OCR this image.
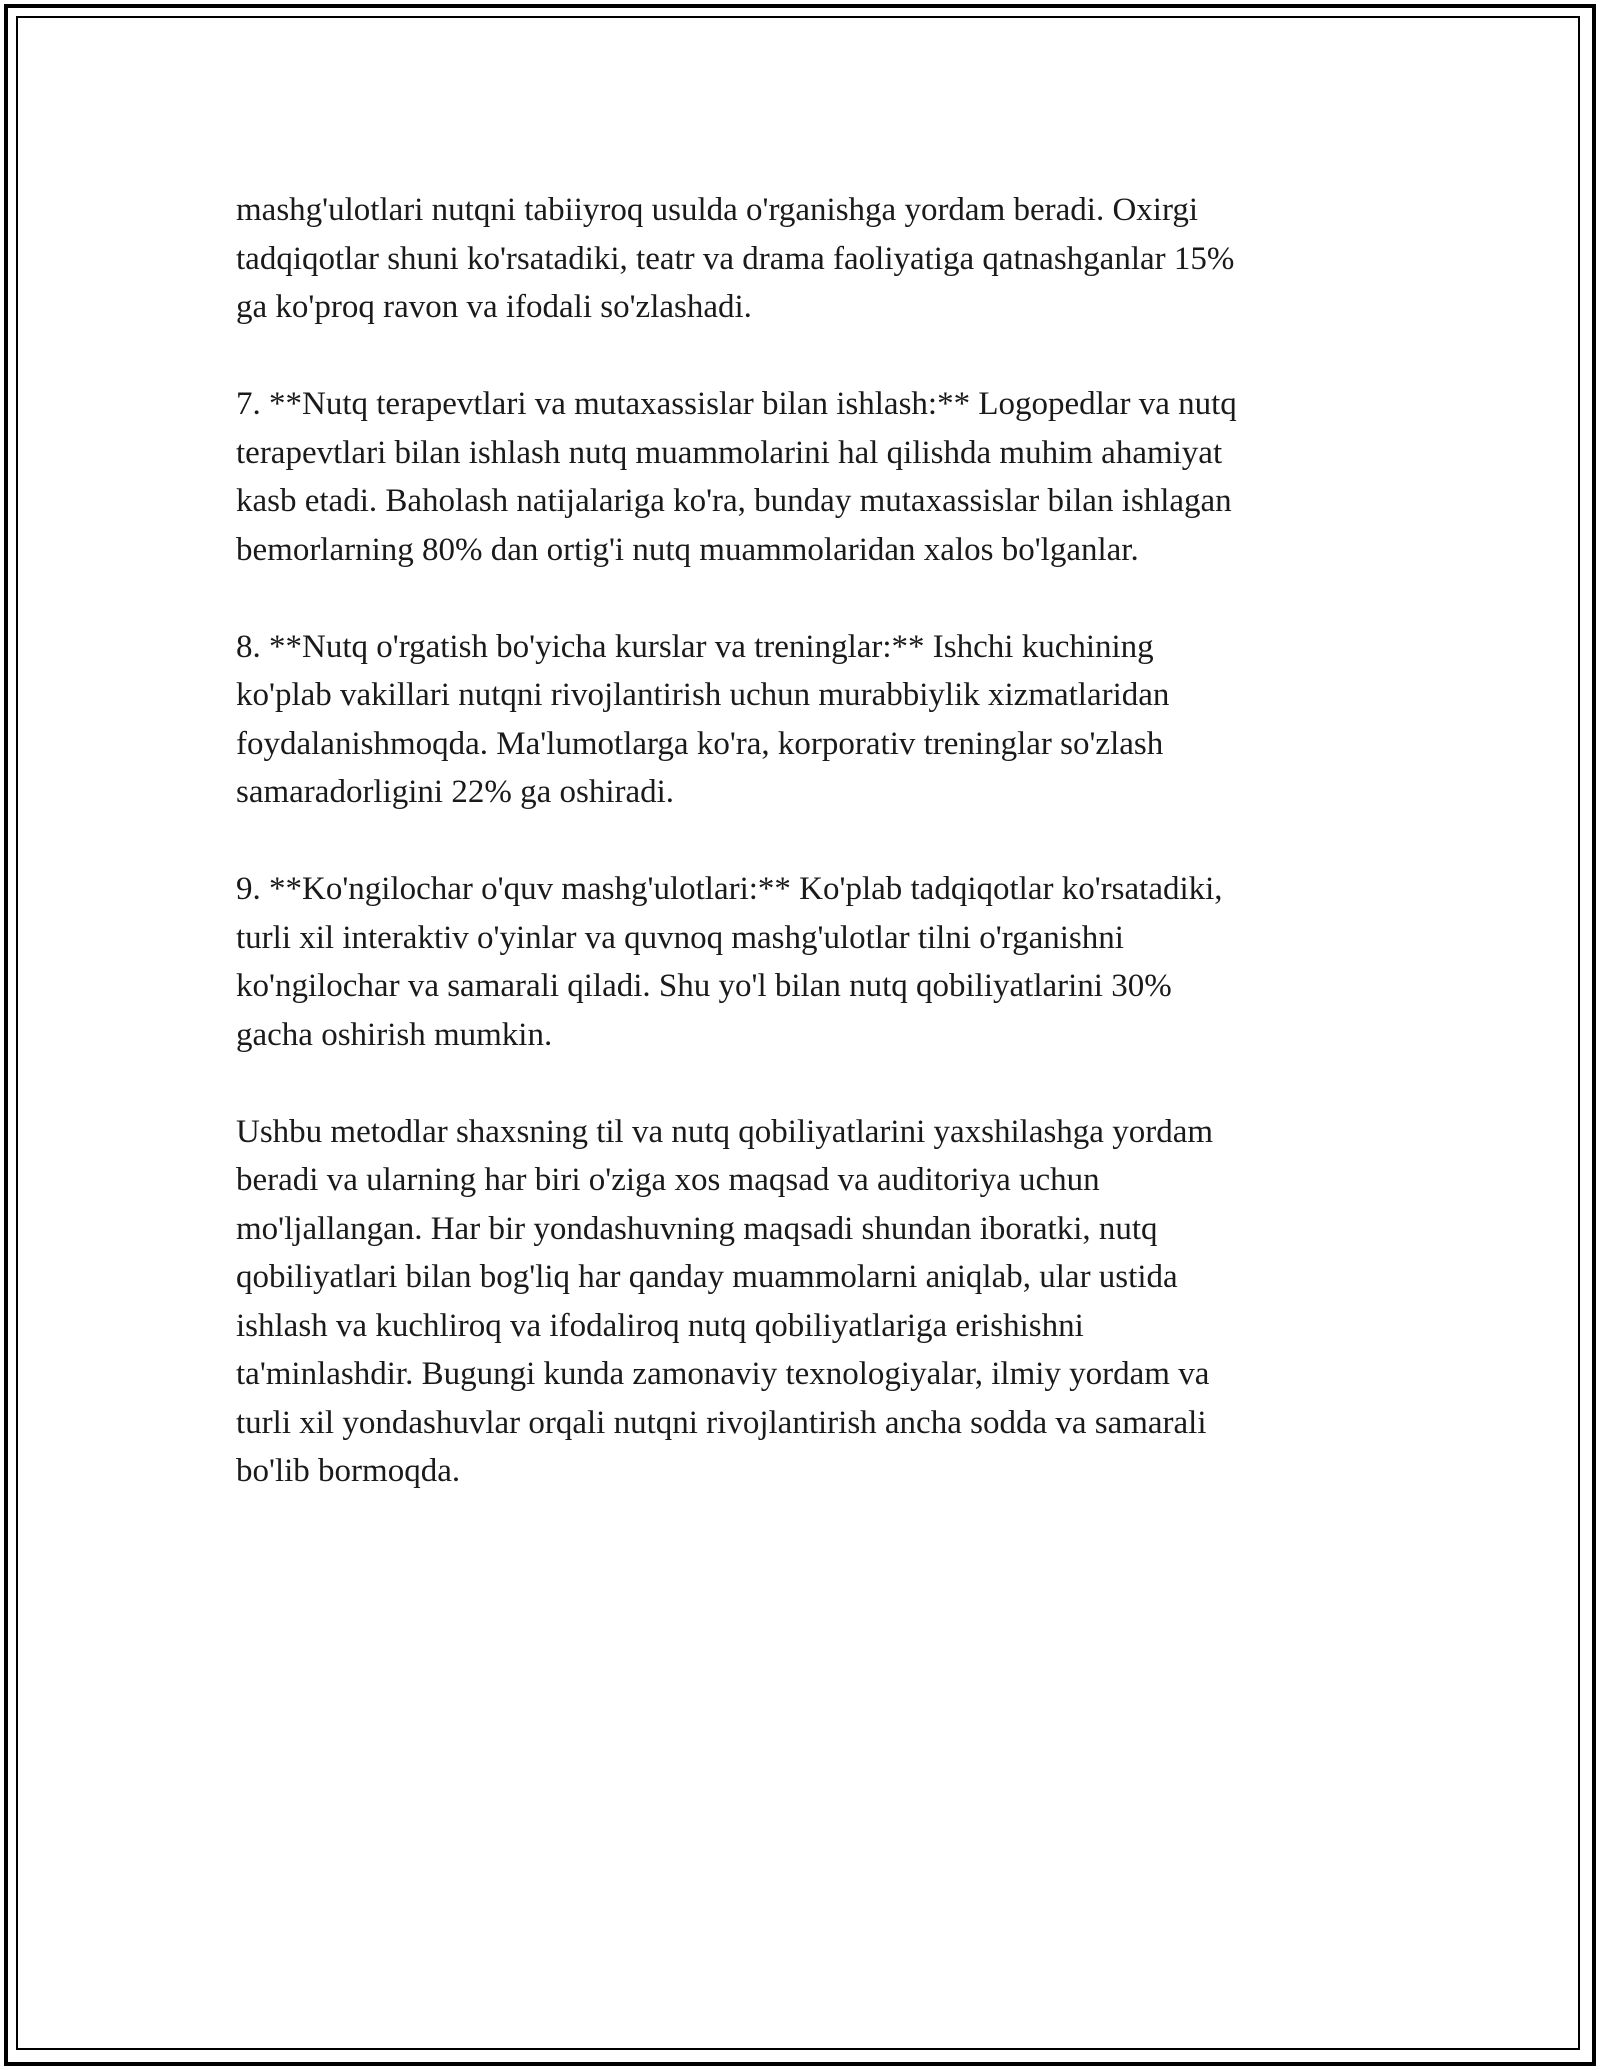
mashg'ulotlari nutqni tabiiyroq usulda o'rganishga yordam beradi. Oxirgi
tadqiqotlar shuni ko'rsatadiki, teatr va drama faoliyatiga qatnashganlar 15%
ga ko'proq ravon va ifodali so'zlashadi.

7. **Nutq terapevtlari va mutaxassislar bilan ishlash:** Logopedlar va nutq
terapevtlari bilan ishlash nutq muammolarini hal qilishda muhim ahamiyat
kasb etadi. Baholash natijalariga ko'ra, bunday mutaxassislar bilan ishlagan
bemorlarning 80% dan ortig'i nutq muammolaridan xalos bo'lganlar.

8. **Nutq o'rgatish bo'yicha kurslar va treninglar:** Ishchi kuchining
ko'plab vakillari nutqni rivojlantirish uchun murabbiylik xizmatlaridan
foydalanishmoqda. Ma'lumotlarga ko'ra, korporativ treninglar so'zlash
samaradorligini 22% ga oshiradi.

9. **Ko'ngilochar o'quv mashg'ulotlari:** Ko'plab tadqiqotlar ko'rsatadiki,
turli xil interaktiv o'yinlar va quvnoq mashg'ulotlar tilni o'rganishni
ko'ngilochar va samarali qiladi. Shu yo'l bilan nutq qobiliyatlarini 30%
gacha oshirish mumkin.

Ushbu metodlar shaxsning til va nutq qobiliyatlarini yaxshilashga yordam
beradi va ularning har biri o'ziga xos maqsad va auditoriya uchun
mo'ljallangan. Har bir yondashuvning maqsadi shundan iboratki, nutq
qobiliyatlari bilan bog'liq har qanday muammolarni aniqlab, ular ustida
ishlash va kuchliroq va ifodaliroq nutq qobiliyatlariga erishishni
ta'minlashdir. Bugungi kunda zamonaviy texnologiyalar, ilmiy yordam va
turli xil yondashuvlar orqali nutqni rivojlantirish ancha sodda va samarali
bo'lib bormoqda.
